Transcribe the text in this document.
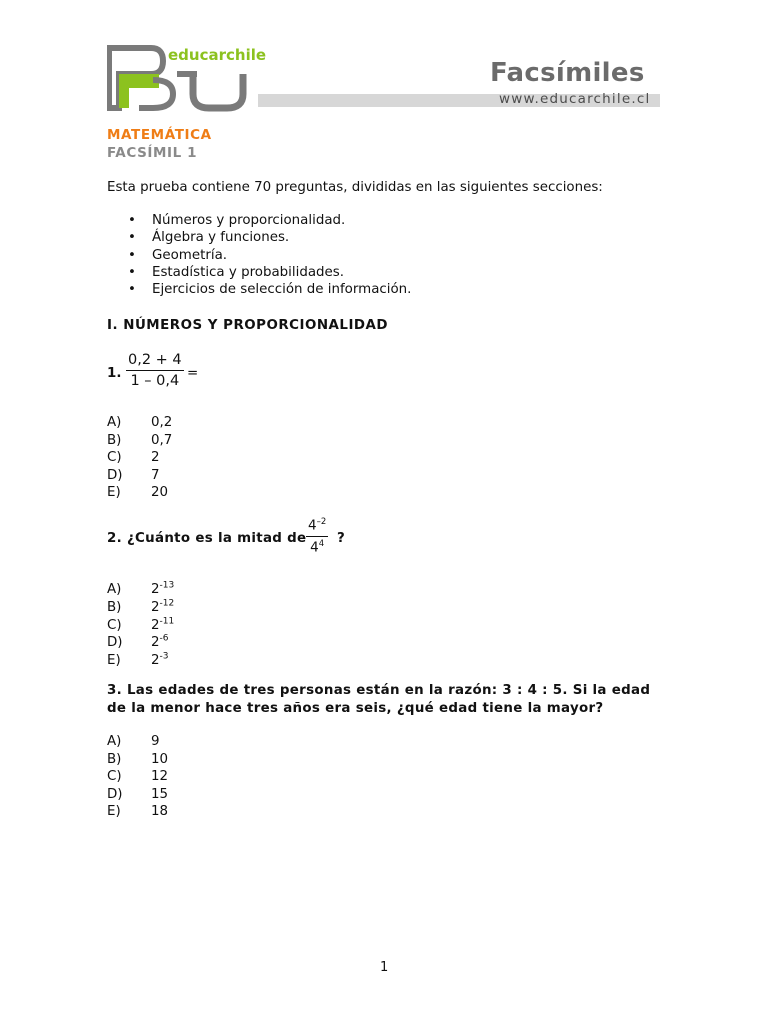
educarchile
Facsímiles
www.educarchile.cl
MATEMÁTICA
FACSÍMIL 1
Esta prueba contiene 70 preguntas, divididas en las siguientes secciones:
• Números y proporcionalidad.
• Álgebra y funciones.
• Geometría.
• Estadística y probabilidades.
• Ejercicios de selección de información.
I. NÚMEROS Y PROPORCIONALIDAD
1.
0,2 + 4
1 – 0,4 =
A) 0,2
B) 0,7
C) 2
D) 7
E) 20
2. ¿Cuánto es la mitad de
$4^{-2}$
$4^4$ ?
A) $2^{-13}$
B) $2^{-12}$
C) $2^{-11}$
D) $2^{-6}$
E) $2^{-3}$
3. Las edades de tres personas están en la razón: 3 : 4 : 5. Si la edad de la menor hace tres años era seis, ¿qué edad tiene la mayor?
A) 9
B) 10
C) 12
D) 15
E) 18
1
